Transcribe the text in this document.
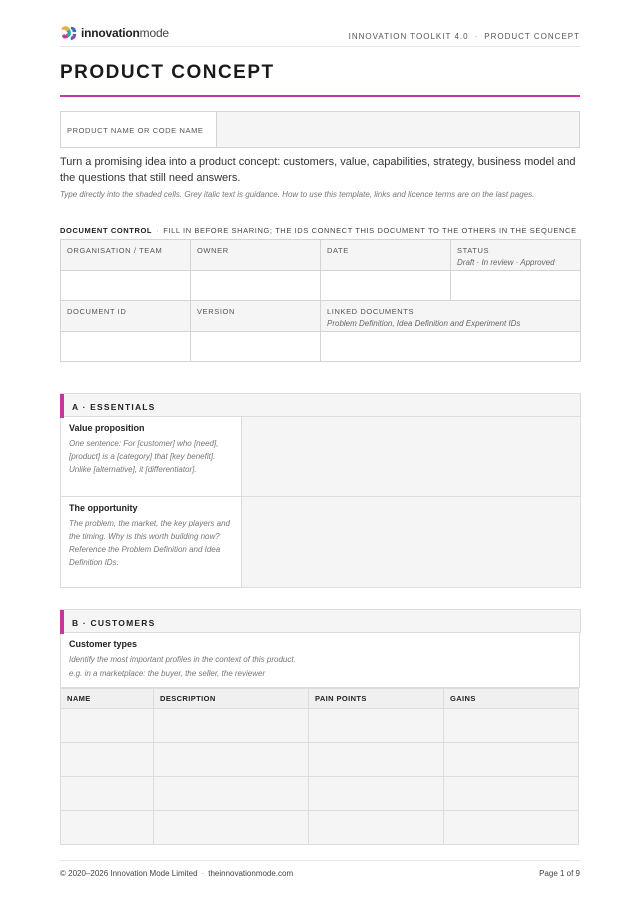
innovationmode	INNOVATION TOOLKIT 4.0 · PRODUCT CONCEPT
PRODUCT CONCEPT
PRODUCT NAME OR CODE NAME
Turn a promising idea into a product concept: customers, value, capabilities, strategy, business model and the questions that still need answers.
Type directly into the shaded cells. Grey italic text is guidance. How to use this template, links and licence terms are on the last pages.
DOCUMENT CONTROL · FILL IN BEFORE SHARING; THE IDS CONNECT THIS DOCUMENT TO THE OTHERS IN THE SEQUENCE
ORGANISATION / TEAM	OWNER	DATE	STATUS
Draft · In review · Approved

DOCUMENT ID	VERSION	LINKED DOCUMENTS
Problem Definition, Idea Definition and Experiment IDs	

A · ESSENTIALS
Value proposition
One sentence: For [customer] who [need], [product] is a [category] that [key benefit]. Unlike [alternative], it [differentiator].
The opportunity
The problem, the market, the key players and the timing. Why is this worth building now? Reference the Problem Definition and Idea Definition IDs.
B · CUSTOMERS
Customer types
Identify the most important profiles in the context of this product.
e.g. in a marketplace: the buyer, the seller, the reviewer
NAME	DESCRIPTION	PAIN POINTS	GAINS

© 2020–2026 Innovation Mode Limited · theinnovationmode.com	Page 1 of 9
